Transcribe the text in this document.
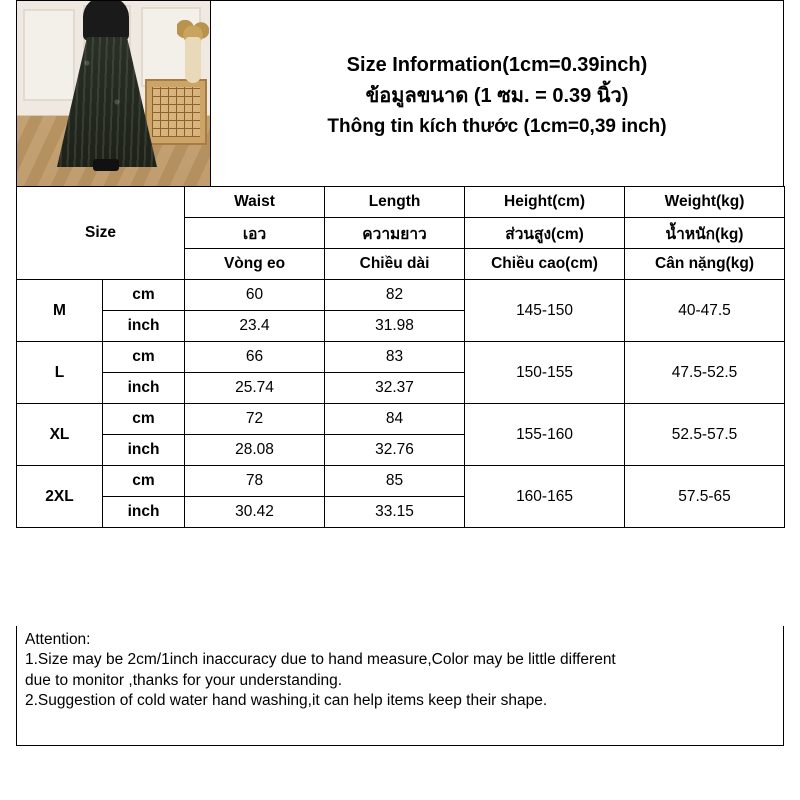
Size Information(1cm=0.39inch)
ข้อมูลขนาด (1 ซม. = 0.39 นิ้ว)
Thông tin kích thước (1cm=0,39 inch)
Size		Waist	Length	Height(cm)	Weight(kg)
		เอว	ความยาว	ส่วนสูง(cm)	น้ำหนัก(kg)
		Vòng eo	Chiều dài	Chiều cao(cm)	Cân nặng(kg)
M	cm	60	82	145-150	40-47.5
	inch	23.4	31.98		
L	cm	66	83	150-155	47.5-52.5
	inch	25.74	32.37		
XL	cm	72	84	155-160	52.5-57.5
	inch	28.08	32.76		
2XL	cm	78	85	160-165	57.5-65
	inch	30.42	33.15		

Attention:

1.Size may be 2cm/1inch inaccuracy due to hand measure,Color may be little different

due to monitor ,thanks for your understanding.

2.Suggestion of cold water hand washing,it can help items keep their shape.
